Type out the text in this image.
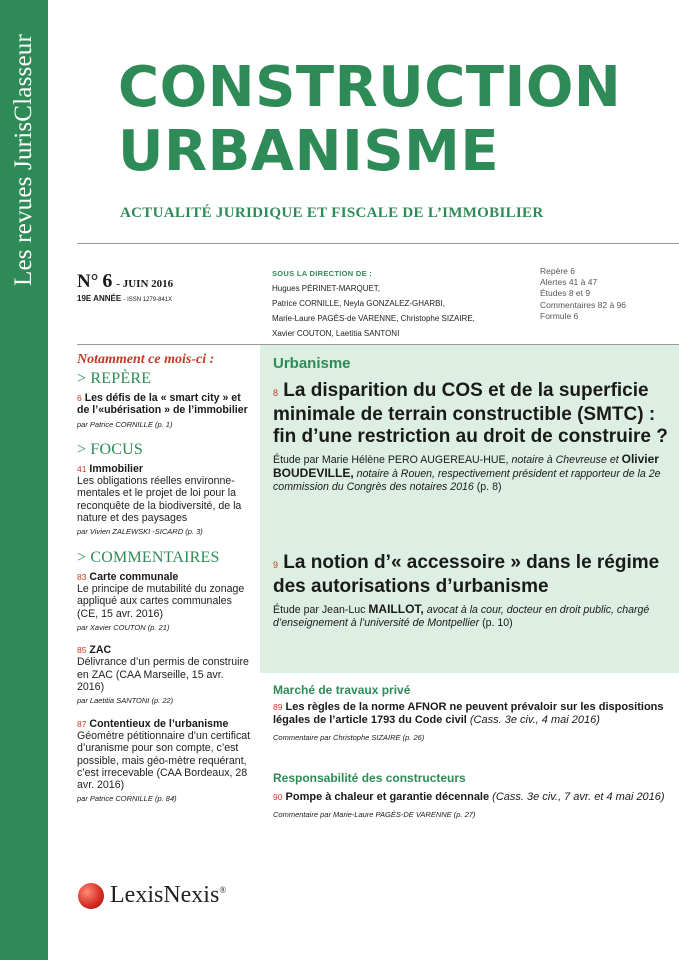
Les revues JurisClasseur CONSTRUCTION
URBANISME
ACTUALITÉ JURIDIQUE ET FISCALE DE L’IMMOBILIER
N° 6 - JUIN 2016
19E ANNÉE - ISSN 1279-841X
SOUS LA DIRECTION DE :
Hugues PÉRINET-MARQUET,
Patrice CORNILLE, Neyla GONZALEZ-GHARBI,
Marie-Laure PAGÈS-de VARENNE, Christophe SIZAIRE,
Xavier COUTON, Laetitia SANTONI
Repère 6
Alertes 41 à 47
Études 8 et 9
Commentaires 82 à 96
Formule 6
Notamment ce mois-ci :
> REPÈRE
6 Les défis de la « smart city » et de l’«ubérisation » de l’immobilier
par Patrice CORNILLE (p. 1)
> FOCUS
41 Immobilier
Les obligations réelles environne-mentales et le projet de loi pour la reconquête de la biodiversité, de la nature et des paysages
par Vivien ZALEWSKI -SICARD (p. 3)
> COMMENTAIRES
83 Carte communale
Le principe de mutabilité du zonage appliqué aux cartes communales (CE, 15 avr. 2016)
par Xavier COUTON (p. 21)
85 ZAC
Délivrance d’un permis de construire en ZAC (CAA Marseille, 15 avr. 2016)
par Laetitia SANTONI (p. 22)
87 Contentieux de l’urbanisme
Géomètre pétitionnaire d’un certificat d’uranisme pour son compte, c’est possible, mais géo-mètre requérant, c’est irrecevable (CAA Bordeaux, 28 avr. 2016)
par Patrice CORNILLE (p. 84)
Urbanisme
8 La disparition du COS et de la superficie minimale de terrain constructible (SMTC) : fin d’une restriction au droit de construire ?
Étude par Marie Hélène PERO AUGEREAU-HUE, notaire à Chevreuse et Olivier BOUDEVILLE, notaire à Rouen, respectivement président et rapporteur de la 2e commission du Congrès des notaires 2016 (p. 8)
9 La notion d’« accessoire » dans le régime des autorisations d’urbanisme
Étude par Jean-Luc MAILLOT, avocat à la cour, docteur en droit public, chargé d’enseignement à l’université de Montpellier (p. 10)
Marché de travaux privé
89 Les règles de la norme AFNOR ne peuvent prévaloir sur les dispositions légales de l’article 1793 du Code civil (Cass. 3e civ., 4 mai 2016)
Commentaire par Christophe SIZAIRE (p. 26)
Responsabilité des constructeurs
90 Pompe à chaleur et garantie décennale (Cass. 3e civ., 7 avr. et 4 mai 2016)
Commentaire par Marie-Laure PAGÈS-DE VARENNE (p. 27)
LexisNexis®
